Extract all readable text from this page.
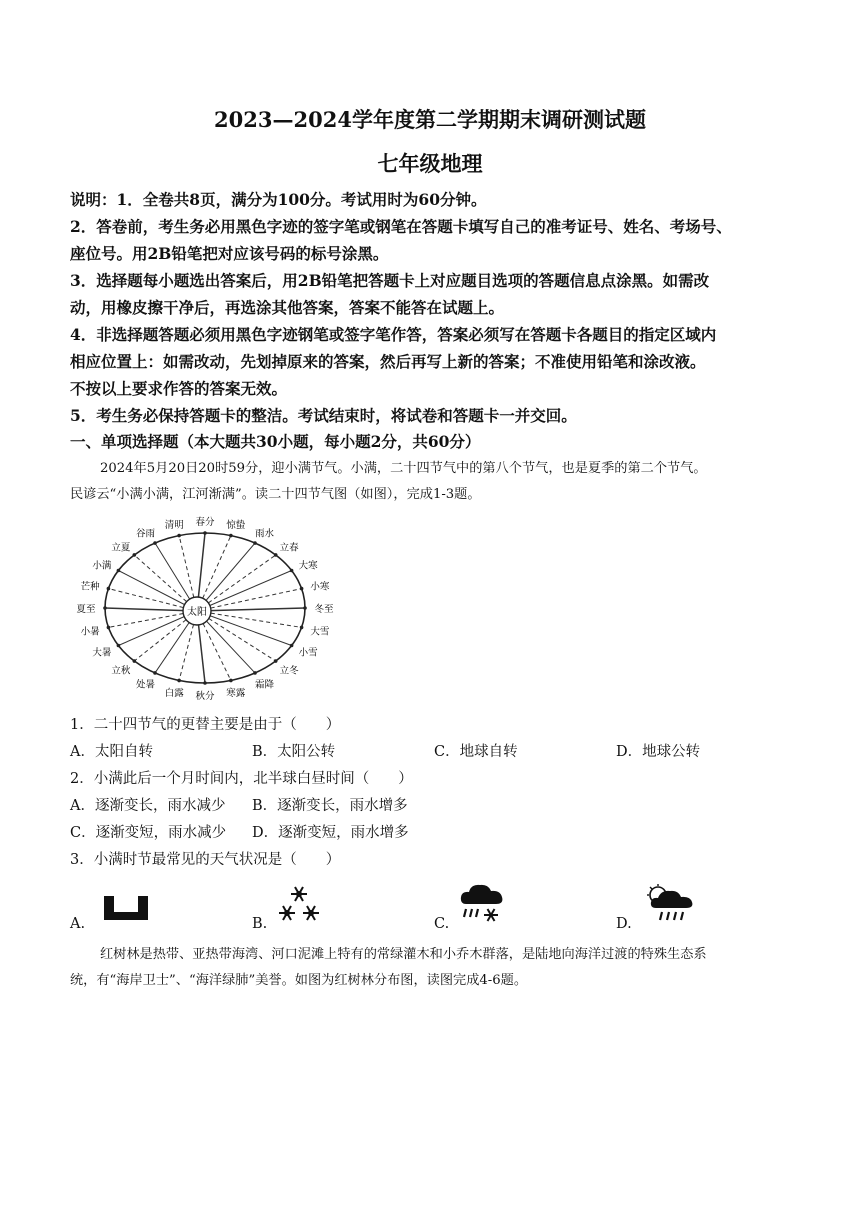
2023—2024学年度第二学期期末调研测试题
七年级地理
说明：1．全卷共8页，满分为100分。考试用时为60分钟。
2．答卷前，考生务必用黑色字迹的签字笔或钢笔在答题卡填写自己的准考证号、姓名、考场号、
座位号。用2B铅笔把对应该号码的标号涂黑。
3．选择题每小题选出答案后，用2B铅笔把答题卡上对应题目选项的答题信息点涂黑。如需改
动，用橡皮擦干净后，再选涂其他答案，答案不能答在试题上。
4．非选择题答题必须用黑色字迹钢笔或签字笔作答，答案必须写在答题卡各题目的指定区域内
相应位置上：如需改动，先划掉原来的答案，然后再写上新的答案；不准使用铅笔和涂改液。
不按以上要求作答的答案无效。
5．考生务必保持答题卡的整洁。考试结束时，将试卷和答题卡一并交回。
一、单项选择题（本大题共30小题，每小题2分，共60分）
2024年5月20日20时59分，迎小满节气。小满，二十四节气中的第八个节气，也是夏季的第二个节气。
民谚云“小满小满，江河渐满”。读二十四节气图（如图），完成1-3题。
太阳
夏至
芒种
小满
立夏
谷雨
清明 春分 惊蛰
雨水
立春
大寒
小寒
冬至
大雪
小雪
立冬
霜降
寒露
秋分
白露
处暑
立秋
大暑
小暑
1．二十四节气的更替主要是由于（　　）
A．太阳自转	B．太阳公转	C．地球自转	D．地球公转
2．小满此后一个月时间内，北半球白昼时间（　　）
A．逐渐变长，雨水减少 B．逐渐变长，雨水增多
C．逐渐变短，雨水减少 D．逐渐变短，雨水增多
3．小满时节最常见的天气状况是（　　）
A.	B.	C.	D.
红树林是热带、亚热带海湾、河口泥滩上特有的常绿灌木和小乔木群落，是陆地向海洋过渡的特殊生态系
统，有“海岸卫士”、“海洋绿肺”美誉。如图为红树林分布图，读图完成4-6题。
